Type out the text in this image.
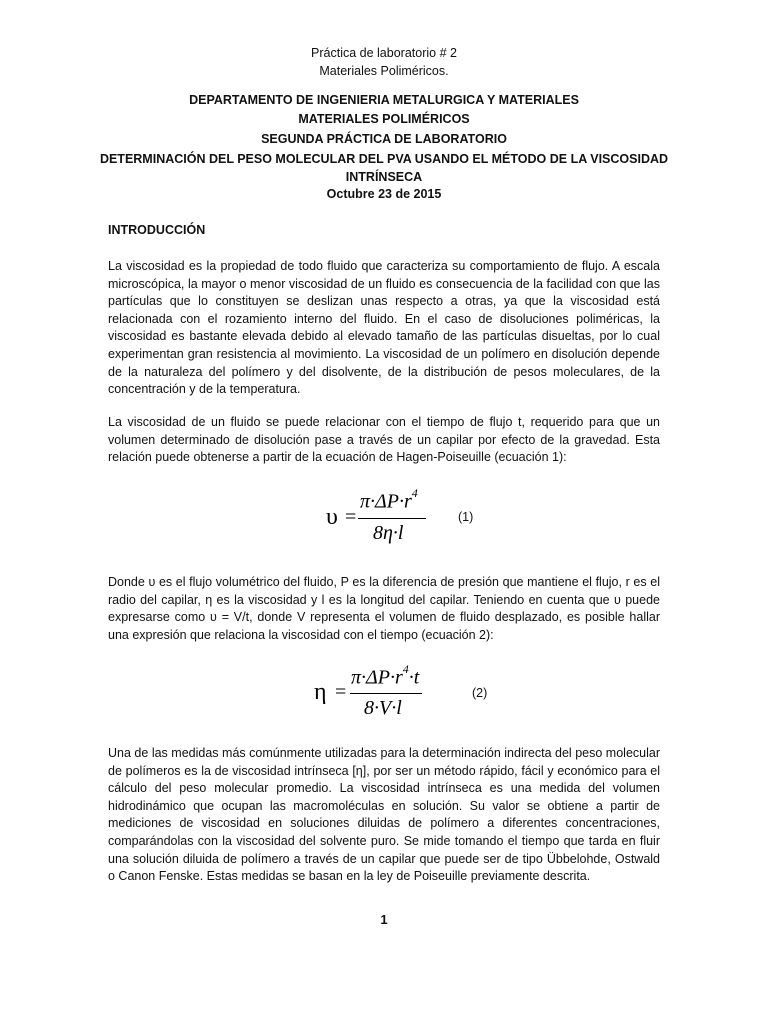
Práctica de laboratorio # 2
Materiales Poliméricos.
DEPARTAMENTO DE INGENIERIA METALURGICA Y MATERIALES
MATERIALES POLIMÉRICOS
SEGUNDA PRÁCTICA DE LABORATORIO
DETERMINACIÓN DEL PESO MOLECULAR DEL PVA USANDO EL MÉTODO DE LA VISCOSIDAD
INTRÍNSECA
Octubre 23 de 2015
INTRODUCCIÓN

La viscosidad es la propiedad de todo fluido que caracteriza su comportamiento de flujo. A escala microscópica, la mayor o menor viscosidad de un fluido es consecuencia de la facilidad con que las partículas que lo constituyen se deslizan unas respecto a otras, ya que la viscosidad está relacionada con el rozamiento interno del fluido. En el caso de disoluciones poliméricas, la viscosidad es bastante elevada debido al elevado tamaño de las partículas disueltas, por lo cual experimentan gran resistencia al movimiento. La viscosidad de un polímero en disolución depende de la naturaleza del polímero y del disolvente, de la distribución de pesos moleculares, de la concentración y de la temperatura.

La viscosidad de un fluido se puede relacionar con el tiempo de flujo t, requerido para que un volumen determinado de disolución pase a través de un capilar por efecto de la gravedad. Esta relación puede obtenerse a partir de la ecuación de Hagen-Poiseuille (ecuación 1):

υ =
$\pi\cdot\Delta P\cdot r^4$
8η·l
(1)

Donde υ es el flujo volumétrico del fluido, P es la diferencia de presión que mantiene el flujo, r es el radio del capilar, η es la viscosidad y l es la longitud del capilar. Teniendo en cuenta que υ puede expresarse como υ = V/t, donde V representa el volumen de fluido desplazado, es posible hallar una expresión que relaciona la viscosidad con el tiempo (ecuación 2):

η =
$\pi\cdot\Delta P\cdot r^4\cdot t$
8·V·l
(2)

Una de las medidas más comúnmente utilizadas para la determinación indirecta del peso molecular de polímeros es la de viscosidad intrínseca [η], por ser un método rápido, fácil y económico para el cálculo del peso molecular promedio. La viscosidad intrínseca es una medida del volumen hidrodinámico que ocupan las macromoléculas en solución. Su valor se obtiene a partir de mediciones de viscosidad en soluciones diluidas de polímero a diferentes concentraciones, comparándolas con la viscosidad del solvente puro. Se mide tomando el tiempo que tarda en fluir una solución diluida de polímero a través de un capilar que puede ser de tipo Übbelohde, Ostwald o Canon Fenske. Estas medidas se basan en la ley de Poiseuille previamente descrita.

1
